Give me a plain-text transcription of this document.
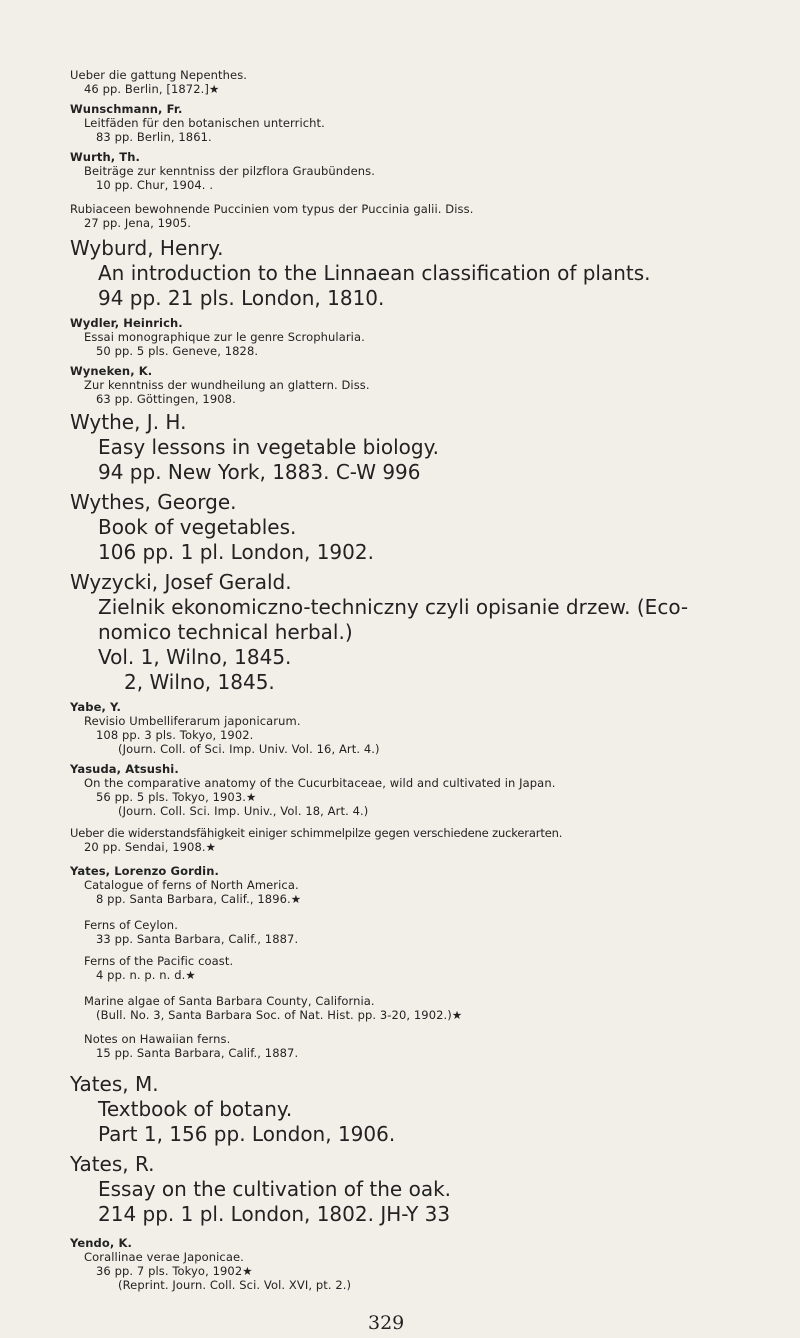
Ueber die gattung Nepenthes.
46 pp. Berlin, [1872.]★
Wunschmann, Fr.
Leitfäden für den botanischen unterricht.
83 pp. Berlin, 1861.
Wurth, Th.
Beiträge zur kenntniss der pilzflora Graubündens.
10 pp. Chur, 1904. .
Rubiaceen bewohnende Puccinien vom typus der Puccinia galii. Diss.
27 pp. Jena, 1905.
Wyburd, Henry.
An introduction to the Linnaean classification of plants.
94 pp. 21 pls. London, 1810.
Wydler, Heinrich.
Essai monographique zur le genre Scrophularia.
50 pp. 5 pls. Geneve, 1828.
Wyneken, K.
Zur kenntniss der wundheilung an glattern. Diss.
63 pp. Göttingen, 1908.
Wythe, J. H.
Easy lessons in vegetable biology.
94 pp. New York, 1883. C-W 996
Wythes, George.
Book of vegetables.
106 pp. 1 pl. London, 1902.
Wyzycki, Josef Gerald.
Zielnik ekonomiczno-techniczny czyli opisanie drzew. (Eco-
nomico technical herbal.)
Vol. 1, Wilno, 1845.
2, Wilno, 1845.
Yabe, Y.
Revisio Umbelliferarum japonicarum.
108 pp. 3 pls. Tokyo, 1902.
(Journ. Coll. of Sci. Imp. Univ. Vol. 16, Art. 4.)
Yasuda, Atsushi.
On the comparative anatomy of the Cucurbitaceae, wild and cultivated in Japan.
56 pp. 5 pls. Tokyo, 1903.★
(Journ. Coll. Sci. Imp. Univ., Vol. 18, Art. 4.)
Ueber die widerstandsfähigkeit einiger schimmelpilze gegen verschiedene zuckerarten.
20 pp. Sendai, 1908.★
Yates, Lorenzo Gordin.
Catalogue of ferns of North America.
8 pp. Santa Barbara, Calif., 1896.★
Ferns of Ceylon.
33 pp. Santa Barbara, Calif., 1887.
Ferns of the Pacific coast.
4 pp. n. p. n. d.★
Marine algae of Santa Barbara County, California.
(Bull. No. 3, Santa Barbara Soc. of Nat. Hist. pp. 3-20, 1902.)★
Notes on Hawaiian ferns.
15 pp. Santa Barbara, Calif., 1887.
Yates, M.
Textbook of botany.
Part 1, 156 pp. London, 1906.
Yates, R.
Essay on the cultivation of the oak.
214 pp. 1 pl. London, 1802. JH-Y 33
Yendo, K.
Corallinae verae Japonicae.
36 pp. 7 pls. Tokyo, 1902★
(Reprint. Journ. Coll. Sci. Vol. XVI, pt. 2.)
329
